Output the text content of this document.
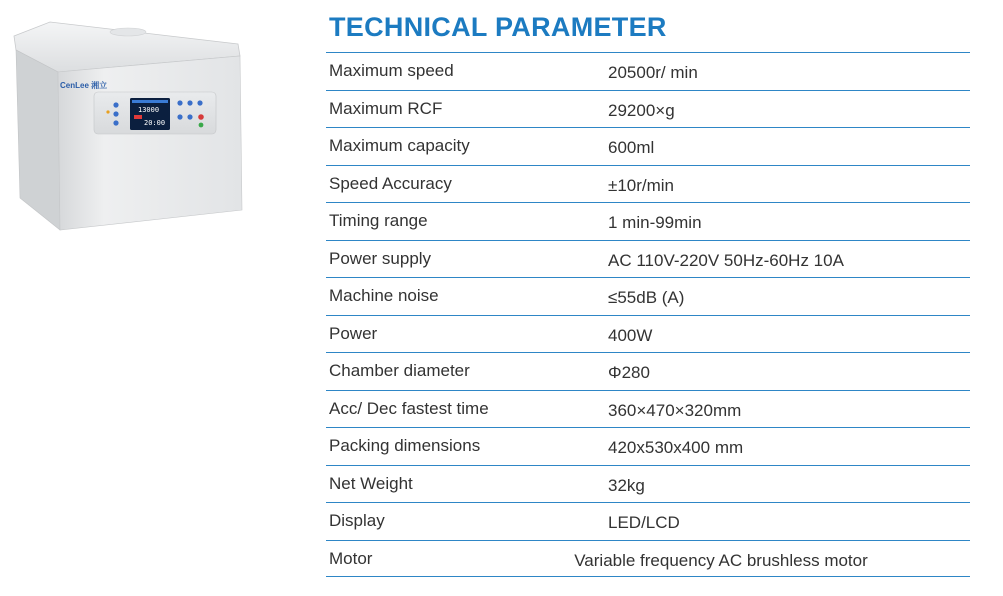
CenLee 湘立
13000
20:00
TECHNICAL PARAMETER
Maximum speed	20500r/ min
Maximum RCF	29200×g
Maximum capacity	600ml
Speed Accuracy	±10r/min
Timing range	1 min-99min
Power supply	AC 110V-220V 50Hz-60Hz 10A
Machine noise	≤55dB (A)
Power	400W
Chamber diameter	Φ280
Acc/ Dec fastest time	360×470×320mm
Packing dimensions	420x530x400 mm
Net Weight	32kg
Display	LED/LCD
Motor	Variable frequency AC brushless motor
